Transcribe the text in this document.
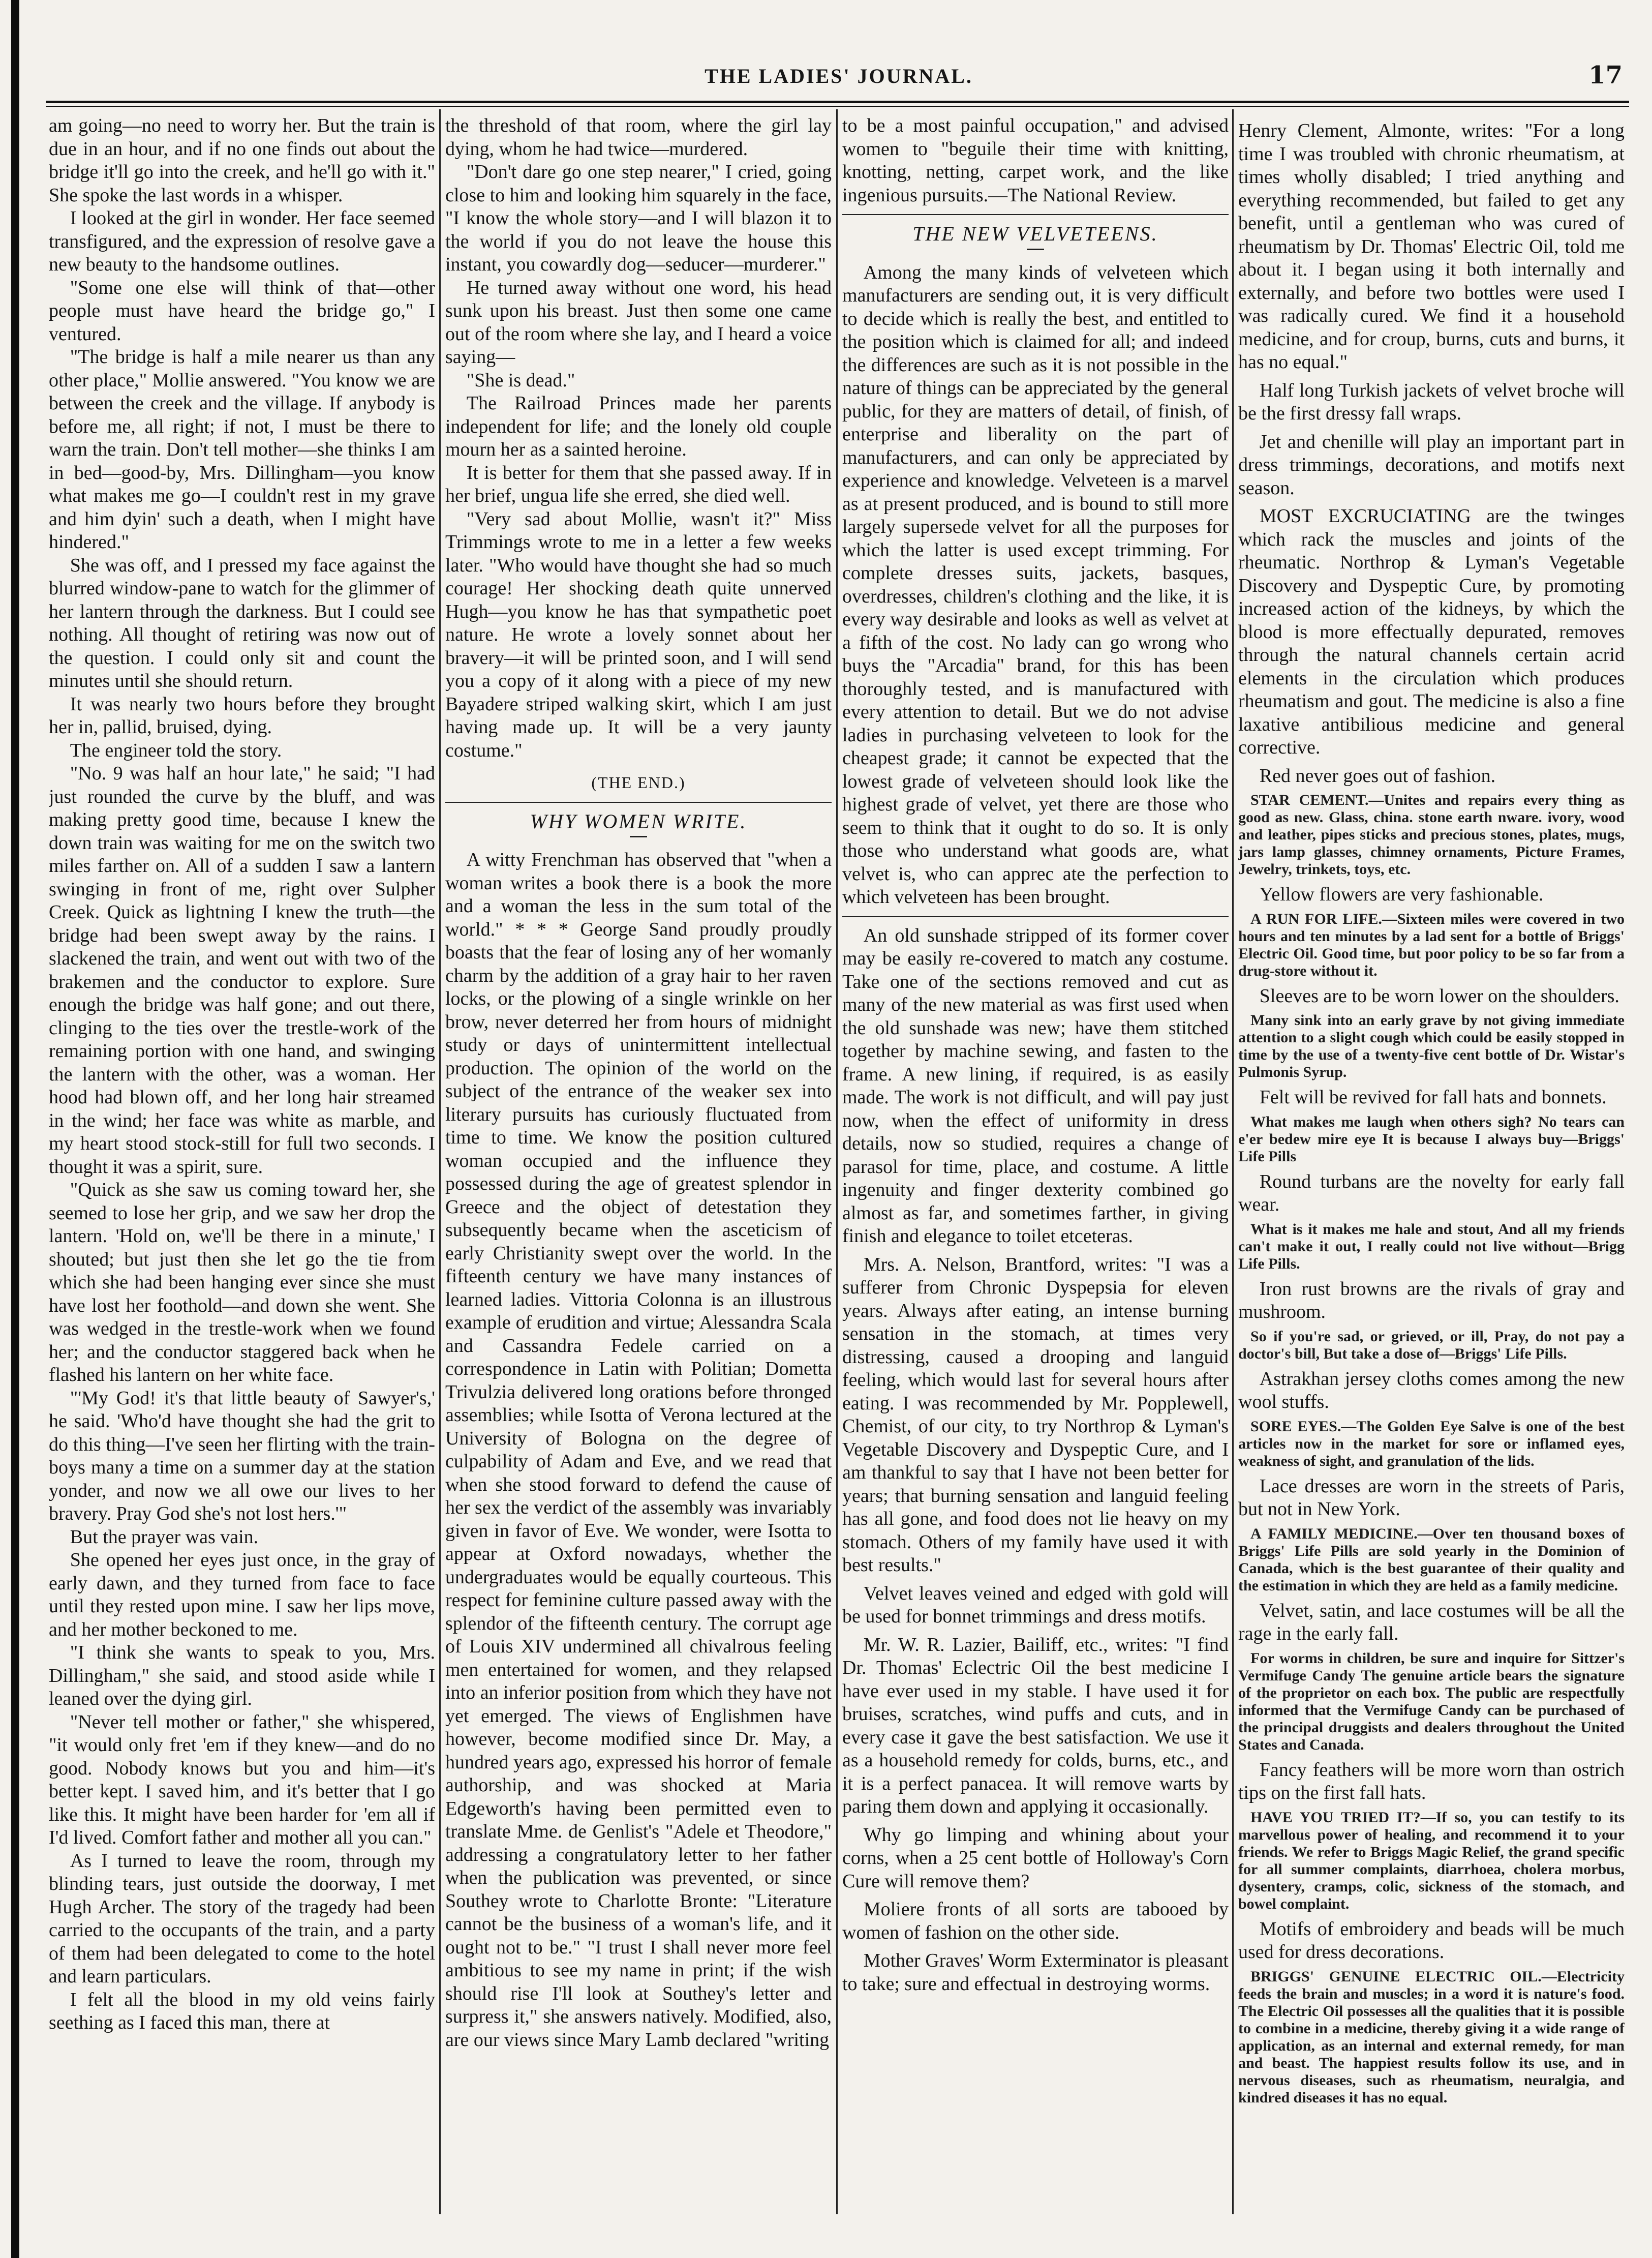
THE LADIES' JOURNAL.	17

am going—no need to worry her. But the train is due in an hour, and if no one finds out about the bridge it'll go into the creek, and he'll go with it." She spoke the last words in a whisper.

I looked at the girl in wonder. Her face seemed transfigured, and the expression of resolve gave a new beauty to the handsome outlines.

"Some one else will think of that—other people must have heard the bridge go," I ventured.

"The bridge is half a mile nearer us than any other place," Mollie answered. "You know we are between the creek and the village. If anybody is before me, all right; if not, I must be there to warn the train. Don't tell mother—she thinks I am in bed—good-by, Mrs. Dillingham—you know what makes me go—I couldn't rest in my grave and him dyin' such a death, when I might have hindered."

She was off, and I pressed my face against the blurred window-pane to watch for the glimmer of her lantern through the darkness. But I could see nothing. All thought of retiring was now out of the question. I could only sit and count the minutes until she should return.

It was nearly two hours before they brought her in, pallid, bruised, dying.

The engineer told the story.

"No. 9 was half an hour late," he said; "I had just rounded the curve by the bluff, and was making pretty good time, because I knew the down train was waiting for me on the switch two miles farther on. All of a sudden I saw a lantern swinging in front of me, right over Sulpher Creek. Quick as lightning I knew the truth—the bridge had been swept away by the rains. I slackened the train, and went out with two of the brakemen and the conductor to explore. Sure enough the bridge was half gone; and out there, clinging to the ties over the trestle-work of the remaining portion with one hand, and swinging the lantern with the other, was a woman. Her hood had blown off, and her long hair streamed in the wind; her face was white as marble, and my heart stood stock-still for full two seconds. I thought it was a spirit, sure.

"Quick as she saw us coming toward her, she seemed to lose her grip, and we saw her drop the lantern. 'Hold on, we'll be there in a minute,' I shouted; but just then she let go the tie from which she had been hanging ever since she must have lost her foothold—and down she went. She was wedged in the trestle-work when we found her; and the conductor staggered back when he flashed his lantern on her white face.

"'My God! it's that little beauty of Sawyer's,' he said. 'Who'd have thought she had the grit to do this thing—I've seen her flirting with the train-boys many a time on a summer day at the station yonder, and now we all owe our lives to her bravery. Pray God she's not lost hers.'"

But the prayer was vain.

She opened her eyes just once, in the gray of early dawn, and they turned from face to face until they rested upon mine. I saw her lips move, and her mother beckoned to me.

"I think she wants to speak to you, Mrs. Dillingham," she said, and stood aside while I leaned over the dying girl.

"Never tell mother or father," she whispered, "it would only fret 'em if they knew—and do no good. Nobody knows but you and him—it's better kept. I saved him, and it's better that I go like this. It might have been harder for 'em all if I'd lived. Comfort father and mother all you can."

As I turned to leave the room, through my blinding tears, just outside the doorway, I met Hugh Archer. The story of the tragedy had been carried to the occupants of the train, and a party of them had been delegated to come to the hotel and learn particulars.

I felt all the blood in my old veins fairly seething as I faced this man, there at

the threshold of that room, where the girl lay dying, whom he had twice—murdered.

"Don't dare go one step nearer," I cried, going close to him and looking him squarely in the face, "I know the whole story—and I will blazon it to the world if you do not leave the house this instant, you cowardly dog—seducer—murderer."

He turned away without one word, his head sunk upon his breast. Just then some one came out of the room where she lay, and I heard a voice saying—

"She is dead."

The Railroad Princes made her parents independent for life; and the lonely old couple mourn her as a sainted heroine.

It is better for them that she passed away. If in her brief, ungua life she erred, she died well.

"Very sad about Mollie, wasn't it?" Miss Trimmings wrote to me in a letter a few weeks later. "Who would have thought she had so much courage! Her shocking death quite unnerved Hugh—you know he has that sympathetic poet nature. He wrote a lovely sonnet about her bravery—it will be printed soon, and I will send you a copy of it along with a piece of my new Bayadere striped walking skirt, which I am just having made up. It will be a very jaunty costume."

(THE END.)
WHY WOMEN WRITE.

A witty Frenchman has observed that "when a woman writes a book there is a book the more and a woman the less in the sum total of the world." * * * George Sand proudly proudly boasts that the fear of losing any of her womanly charm by the addition of a gray hair to her raven locks, or the plowing of a single wrinkle on her brow, never deterred her from hours of midnight study or days of unintermittent intellectual production. The opinion of the world on the subject of the entrance of the weaker sex into literary pursuits has curiously fluctuated from time to time. We know the position cultured woman occupied and the influence they possessed during the age of greatest splendor in Greece and the object of detestation they subsequently became when the asceticism of early Christianity swept over the world. In the fifteenth century we have many instances of learned ladies. Vittoria Colonna is an illustrous example of erudition and virtue; Alessandra Scala and Cassandra Fedele carried on a correspondence in Latin with Politian; Dometta Trivulzia delivered long orations before thronged assemblies; while Isotta of Verona lectured at the University of Bologna on the degree of culpability of Adam and Eve, and we read that when she stood forward to defend the cause of her sex the verdict of the assembly was invariably given in favor of Eve. We wonder, were Isotta to appear at Oxford nowadays, whether the undergraduates would be equally courteous. This respect for feminine culture passed away with the splendor of the fifteenth century. The corrupt age of Louis XIV undermined all chivalrous feeling men entertained for women, and they relapsed into an inferior position from which they have not yet emerged. The views of Englishmen have however, become modified since Dr. May, a hundred years ago, expressed his horror of female authorship, and was shocked at Maria Edgeworth's having been permitted even to translate Mme. de Genlist's "Adele et Theodore," addressing a congratulatory letter to her father when the publication was prevented, or since Southey wrote to Charlotte Bronte: "Literature cannot be the business of a woman's life, and it ought not to be." "I trust I shall never more feel ambitious to see my name in print; if the wish should rise I'll look at Southey's letter and surpress it," she answers natively. Modified, also, are our views since Mary Lamb declared "writing

to be a most painful occupation," and advised women to "beguile their time with knitting, knotting, netting, carpet work, and the like ingenious pursuits.—The National Review.

THE NEW VELVETEENS.

Among the many kinds of velveteen which manufacturers are sending out, it is very difficult to decide which is really the best, and entitled to the position which is claimed for all; and indeed the differences are such as it is not possible in the nature of things can be appreciated by the general public, for they are matters of detail, of finish, of enterprise and liberality on the part of manufacturers, and can only be appreciated by experience and knowledge. Velveteen is a marvel as at present produced, and is bound to still more largely supersede velvet for all the purposes for which the latter is used except trimming. For complete dresses suits, jackets, basques, overdresses, children's clothing and the like, it is every way desirable and looks as well as velvet at a fifth of the cost. No lady can go wrong who buys the "Arcadia" brand, for this has been thoroughly tested, and is manufactured with every attention to detail. But we do not advise ladies in purchasing velveteen to look for the cheapest grade; it cannot be expected that the lowest grade of velveteen should look like the highest grade of velvet, yet there are those who seem to think that it ought to do so. It is only those who understand what goods are, what velvet is, who can apprec ate the perfection to which velveteen has been brought.

An old sunshade stripped of its former cover may be easily re-covered to match any costume. Take one of the sections removed and cut as many of the new material as was first used when the old sunshade was new; have them stitched together by machine sewing, and fasten to the frame. A new lining, if required, is as easily made. The work is not difficult, and will pay just now, when the effect of uniformity in dress details, now so studied, requires a change of parasol for time, place, and costume. A little ingenuity and finger dexterity combined go almost as far, and sometimes farther, in giving finish and elegance to toilet etceteras.

Mrs. A. Nelson, Brantford, writes: "I was a sufferer from Chronic Dyspepsia for eleven years. Always after eating, an intense burning sensation in the stomach, at times very distressing, caused a drooping and languid feeling, which would last for several hours after eating. I was recommended by Mr. Popplewell, Chemist, of our city, to try Northrop & Lyman's Vegetable Discovery and Dyspeptic Cure, and I am thankful to say that I have not been better for years; that burning sensation and languid feeling has all gone, and food does not lie heavy on my stomach. Others of my family have used it with best results."

Velvet leaves veined and edged with gold will be used for bonnet trimmings and dress motifs.

Mr. W. R. Lazier, Bailiff, etc., writes: "I find Dr. Thomas' Eclectric Oil the best medicine I have ever used in my stable. I have used it for bruises, scratches, wind puffs and cuts, and in every case it gave the best satisfaction. We use it as a household remedy for colds, burns, etc., and it is a perfect panacea. It will remove warts by paring them down and applying it occasionally.

Why go limping and whining about your corns, when a 25 cent bottle of Holloway's Corn Cure will remove them?

Moliere fronts of all sorts are tabooed by women of fashion on the other side.

Mother Graves' Worm Exterminator is pleasant to take; sure and effectual in destroying worms.

Henry Clement, Almonte, writes: "For a long time I was troubled with chronic rheumatism, at times wholly disabled; I tried anything and everything recommended, but failed to get any benefit, until a gentleman who was cured of rheumatism by Dr. Thomas' Electric Oil, told me about it. I began using it both internally and externally, and before two bottles were used I was radically cured. We find it a household medicine, and for croup, burns, cuts and burns, it has no equal."

Half long Turkish jackets of velvet broche will be the first dressy fall wraps.

Jet and chenille will play an important part in dress trimmings, decorations, and motifs next season.

MOST EXCRUCIATING are the twinges which rack the muscles and joints of the rheumatic. Northrop & Lyman's Vegetable Discovery and Dyspeptic Cure, by promoting increased action of the kidneys, by which the blood is more effectually depurated, removes through the natural channels certain acrid elements in the circulation which produces rheumatism and gout. The medicine is also a fine laxative antibilious medicine and general corrective.

Red never goes out of fashion.

STAR CEMENT.—Unites and repairs every thing as good as new. Glass, china. stone earth nware. ivory, wood and leather, pipes sticks and precious stones, plates, mugs, jars lamp glasses, chimney ornaments, Picture Frames, Jewelry, trinkets, toys, etc.

Yellow flowers are very fashionable.

A RUN FOR LIFE.—Sixteen miles were covered in two hours and ten minutes by a lad sent for a bottle of Briggs' Electric Oil. Good time, but poor policy to be so far from a drug-store without it.

Sleeves are to be worn lower on the shoulders.

Many sink into an early grave by not giving immediate attention to a slight cough which could be easily stopped in time by the use of a twenty-five cent bottle of Dr. Wistar's Pulmonis Syrup.

Felt will be revived for fall hats and bonnets.

What makes me laugh when others sigh? No tears can e'er bedew mire eye It is because I always buy—Briggs' Life Pills

Round turbans are the novelty for early fall wear.

What is it makes me hale and stout, And all my friends can't make it out, I really could not live without—Brigg Life Pills.

Iron rust browns are the rivals of gray and mushroom.

So if you're sad, or grieved, or ill, Pray, do not pay a doctor's bill, But take a dose of—Briggs' Life Pills.

Astrakhan jersey cloths comes among the new wool stuffs.

SORE EYES.—The Golden Eye Salve is one of the best articles now in the market for sore or inflamed eyes, weakness of sight, and granulation of the lids.

Lace dresses are worn in the streets of Paris, but not in New York.

A FAMILY MEDICINE.—Over ten thousand boxes of Briggs' Life Pills are sold yearly in the Dominion of Canada, which is the best guarantee of their quality and the estimation in which they are held as a family medicine.

Velvet, satin, and lace costumes will be all the rage in the early fall.

For worms in children, be sure and inquire for Sittzer's Vermifuge Candy The genuine article bears the signature of the proprietor on each box. The public are respectfully informed that the Vermifuge Candy can be purchased of the principal druggists and dealers throughout the United States and Canada.

Fancy feathers will be more worn than ostrich tips on the first fall hats.

HAVE YOU TRIED IT?—If so, you can testify to its marvellous power of healing, and recommend it to your friends. We refer to Briggs Magic Relief, the grand specific for all summer complaints, diarrhoea, cholera morbus, dysentery, cramps, colic, sickness of the stomach, and bowel complaint.

Motifs of embroidery and beads will be much used for dress decorations.

BRIGGS' GENUINE ELECTRIC OIL.—Electricity feeds the brain and muscles; in a word it is nature's food. The Electric Oil possesses all the qualities that it is possible to combine in a medicine, thereby giving it a wide range of application, as an internal and external remedy, for man and beast. The happiest results follow its use, and in nervous diseases, such as rheumatism, neuralgia, and kindred diseases it has no equal.
